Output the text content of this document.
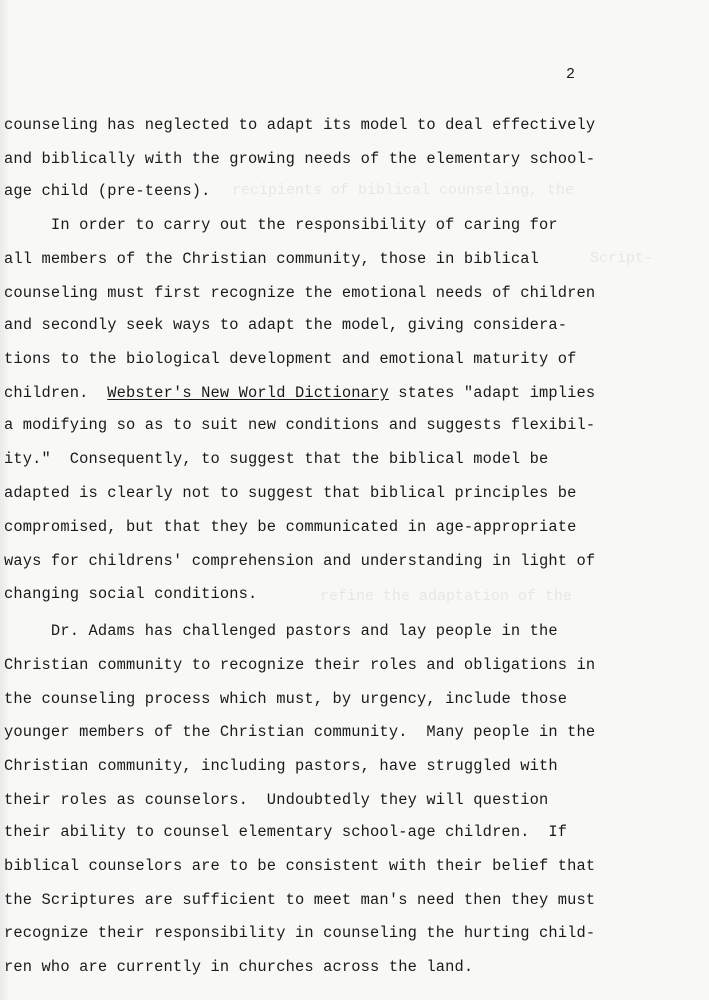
recipients of biblical counseling, the
Script-
refine the adaptation of the
2
counseling has neglected to adapt its model to deal effectively
and biblically with the growing needs of the elementary school-
age child (pre-teens).
In order to carry out the responsibility of caring for
all members of the Christian community, those in biblical
counseling must first recognize the emotional needs of children
and secondly seek ways to adapt the model, giving considera-
tions to the biological development and emotional maturity of
children.  Webster's New World Dictionary states "adapt implies
a modifying so as to suit new conditions and suggests flexibil-
ity."  Consequently, to suggest that the biblical model be
adapted is clearly not to suggest that biblical principles be
compromised, but that they be communicated in age-appropriate
ways for childrens' comprehension and understanding in light of
changing social conditions.
Dr. Adams has challenged pastors and lay people in the
Christian community to recognize their roles and obligations in
the counseling process which must, by urgency, include those
younger members of the Christian community.  Many people in the
Christian community, including pastors, have struggled with
their roles as counselors.  Undoubtedly they will question
their ability to counsel elementary school-age children.  If
biblical counselors are to be consistent with their belief that
the Scriptures are sufficient to meet man's need then they must
recognize their responsibility in counseling the hurting child-
ren who are currently in churches across the land.
